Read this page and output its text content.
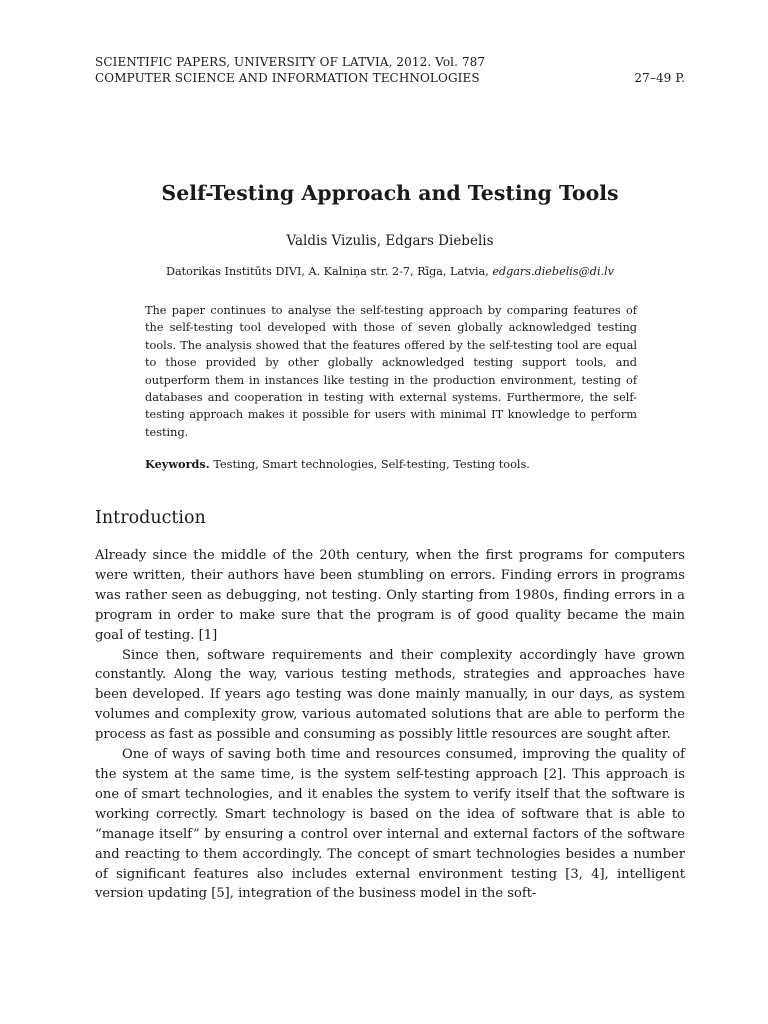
SCIENTIFIC PAPERS, UNIVERSITY OF LATVIA, 2012. Vol. 787
COMPUTER SCIENCE AND INFORMATION TECHNOLOGIES	27–49 P.
Self-Testing Approach and Testing Tools
Valdis Vizulis, Edgars Diebelis
Datorikas Institūts DIVI, A. Kalniņa str. 2-7, Rīga, Latvia, edgars.diebelis@di.lv

The paper continues to analyse the self-testing approach by comparing features of the self-testing tool developed with those of seven globally acknowledged testing tools. The analysis showed that the features offered by the self-testing tool are equal to those provided by other globally acknowledged testing support tools, and outperform them in instances like testing in the production environment, testing of databases and cooperation in testing with external systems. Furthermore, the self-testing approach makes it possible for users with minimal IT knowledge to perform testing.

Keywords. Testing, Smart technologies, Self-testing, Testing tools.
Introduction

Already since the middle of the 20th century, when the first programs for computers were written, their authors have been stumbling on errors. Finding errors in programs was rather seen as debugging, not testing. Only starting from 1980s, finding errors in a program in order to make sure that the program is of good quality became the main goal of testing. [1]

Since then, software requirements and their complexity accordingly have grown constantly. Along the way, various testing methods, strategies and approaches have been developed. If years ago testing was done mainly manually, in our days, as system volumes and complexity grow, various automated solutions that are able to perform the process as fast as possible and consuming as possibly little resources are sought after.

One of ways of saving both time and resources consumed, improving the quality of the system at the same time, is the system self-testing approach [2]. This approach is one of smart technologies, and it enables the system to verify itself that the software is working correctly. Smart technology is based on the idea of software that is able to “manage itself” by ensuring a control over internal and external factors of the software and reacting to them accordingly. The concept of smart technologies besides a number of significant features also includes external environment testing [3, 4], intelligent version updating [5], integration of the business model in the soft-
